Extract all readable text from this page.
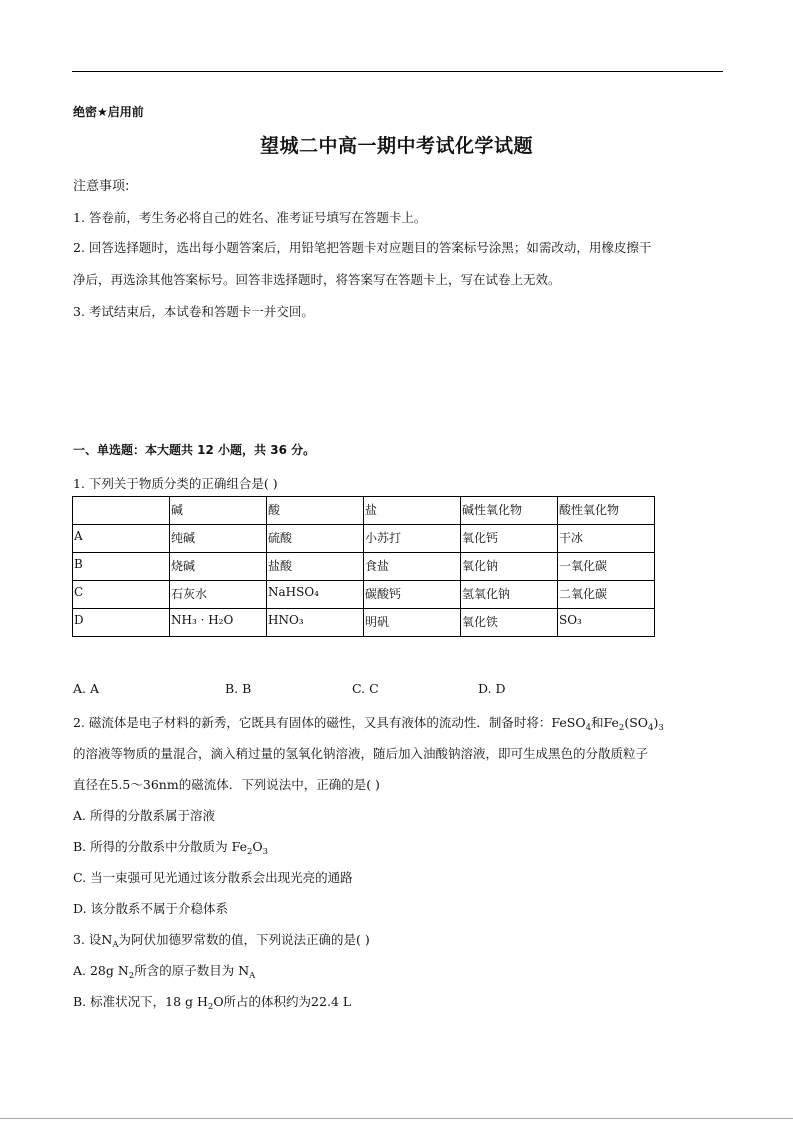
绝密★启用前
望城二中高一期中考试化学试题
注意事项:
1. 答卷前，考生务必将自己的姓名、准考证号填写在答题卡上。
2. 回答选择题时，选出每小题答案后，用铅笔把答题卡对应题目的答案标号涂黑；如需改动，用橡皮擦干
净后，再选涂其他答案标号。回答非选择题时，将答案写在答题卡上，写在试卷上无效。
3. 考试结束后，本试卷和答题卡一并交回。
一、单选题：本大题共 12 小题，共 36 分。
1. 下列关于物质分类的正确组合是( )
	碱	酸	盐	碱性氧化物	酸性氧化物
A	纯碱	硫酸	小苏打	氧化钙	干冰
B	烧碱	盐酸	食盐	氧化钠	一氧化碳
C	石灰水	NaHSO₄	碳酸钙	氢氧化钠	二氧化碳
D	NH₃ · H₂O	HNO₃	明矾	氧化铁	SO₃
A. A	B. B	C. C	D. D
2. 磁流体是电子材料的新秀，它既具有固体的磁性，又具有液体的流动性．制备时将：FeSO$_4$和$Fe_2(SO_4)_3$
的溶液等物质的量混合，滴入稍过量的氢氧化钠溶液，随后加入油酸钠溶液，即可生成黑色的分散质粒子
直径在5.5～36nm的磁流体．下列说法中，正确的是( )
A. 所得的分散系属于溶液
B. 所得的分散系中分散质为 $Fe_2O_3$
C. 当一束强可见光通过该分散系会出现光亮的通路
D. 该分散系不属于介稳体系
3. 设$N_A$为阿伏加德罗常数的值，下列说法正确的是( )
A. 28g $N_2$所含的原子数目为 $N_A$
B. 标准状况下，18 g $H_2O$所占的体积约为22.4 L
